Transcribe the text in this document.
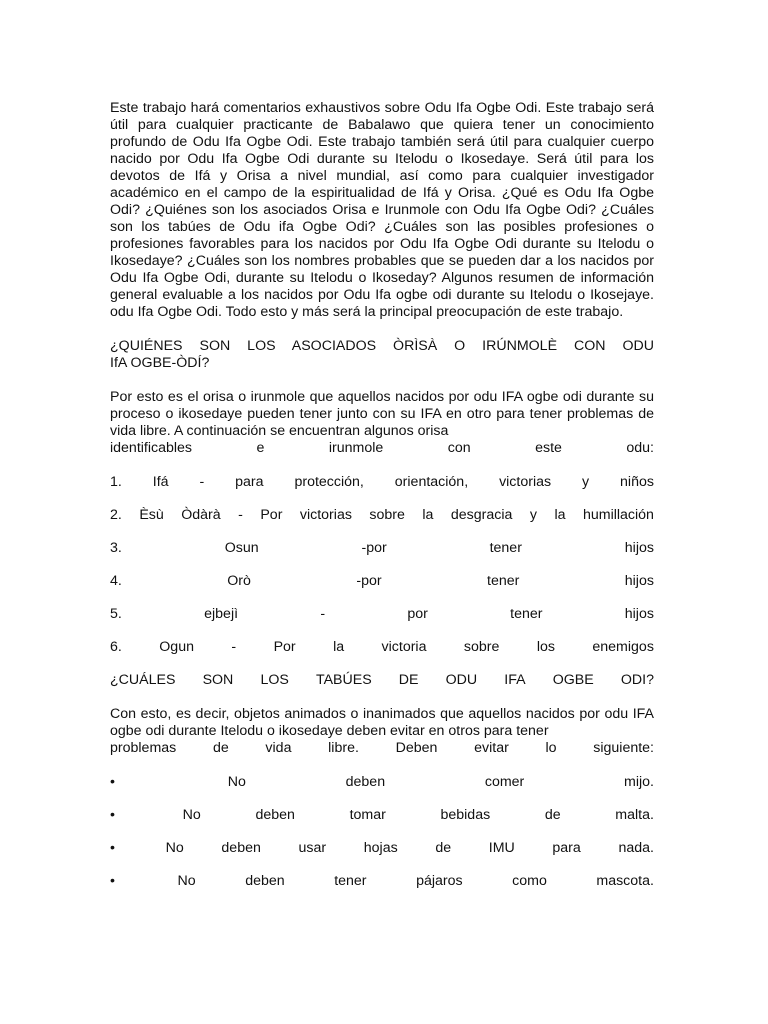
Este trabajo hará comentarios exhaustivos sobre Odu Ifa Ogbe Odi. Este trabajo será útil para cualquier practicante de Babalawo que quiera tener un conocimiento profundo de Odu Ifa Ogbe Odi. Este trabajo también será útil para cualquier cuerpo nacido por Odu Ifa Ogbe Odi durante su Itelodu o Ikosedaye. Será útil para los devotos de Ifá y Orisa a nivel mundial, así como para cualquier investigador académico en el campo de la espiritualidad de Ifá y Orisa. ¿Qué es Odu Ifa Ogbe Odi? ¿Quiénes son los asociados Orisa e Irunmole con Odu Ifa Ogbe Odi? ¿Cuáles son los tabúes de Odu ifa Ogbe Odi? ¿Cuáles son las posibles profesiones o profesiones favorables para los nacidos por Odu Ifa Ogbe Odi durante su Itelodu o Ikosedaye? ¿Cuáles son los nombres probables que se pueden dar a los nacidos por Odu Ifa Ogbe Odi, durante su Itelodu o Ikoseday? Algunos resumen de información general evaluable a los nacidos por Odu Ifa ogbe odi durante su Itelodu o Ikosejaye. odu Ifa Ogbe Odi. Todo esto y más será la principal preocupación de este trabajo.

¿QUIÉNES SON LOS ASOCIADOS ÒRÌSÀ O IRÚNMOLÈ CON ODU
IfA OGBE-ÒDÍ?
Por esto es el orisa o irunmole que aquellos nacidos por odu IFA ogbe odi durante su proceso o ikosedaye pueden tener junto con su IFA en otro para tener problemas de vida libre. A continuación se encuentran algunos orisa
identificables e irunmole con este odu:
1. Ifá - para protección, orientación, victorias y niños
2. Èsù Òdàrà - Por victorias sobre la desgracia y la humillación
3.	Osun	-por	tener	hijos
4.	Orò	-por	tener	hijos
5.	ejbejì	-	por	tener	hijos
6.	Ogun	-	Por	la	victoria	sobre	los	enemigos
¿CUÁLES SON LOS TABÚES DE ODU IFA OGBE ODI?
Con esto, es decir, objetos animados o inanimados que aquellos nacidos por odu IFA ogbe odi durante Itelodu o ikosedaye deben evitar en otros para tener
problemas de vida libre. Deben evitar lo siguiente:
•	No	deben	comer	mijo.
•	No	deben	tomar	bebidas	de	malta.
•	No	deben	usar	hojas	de	IMU	para	nada.
•	No	deben	tener	pájaros	como	mascota.
